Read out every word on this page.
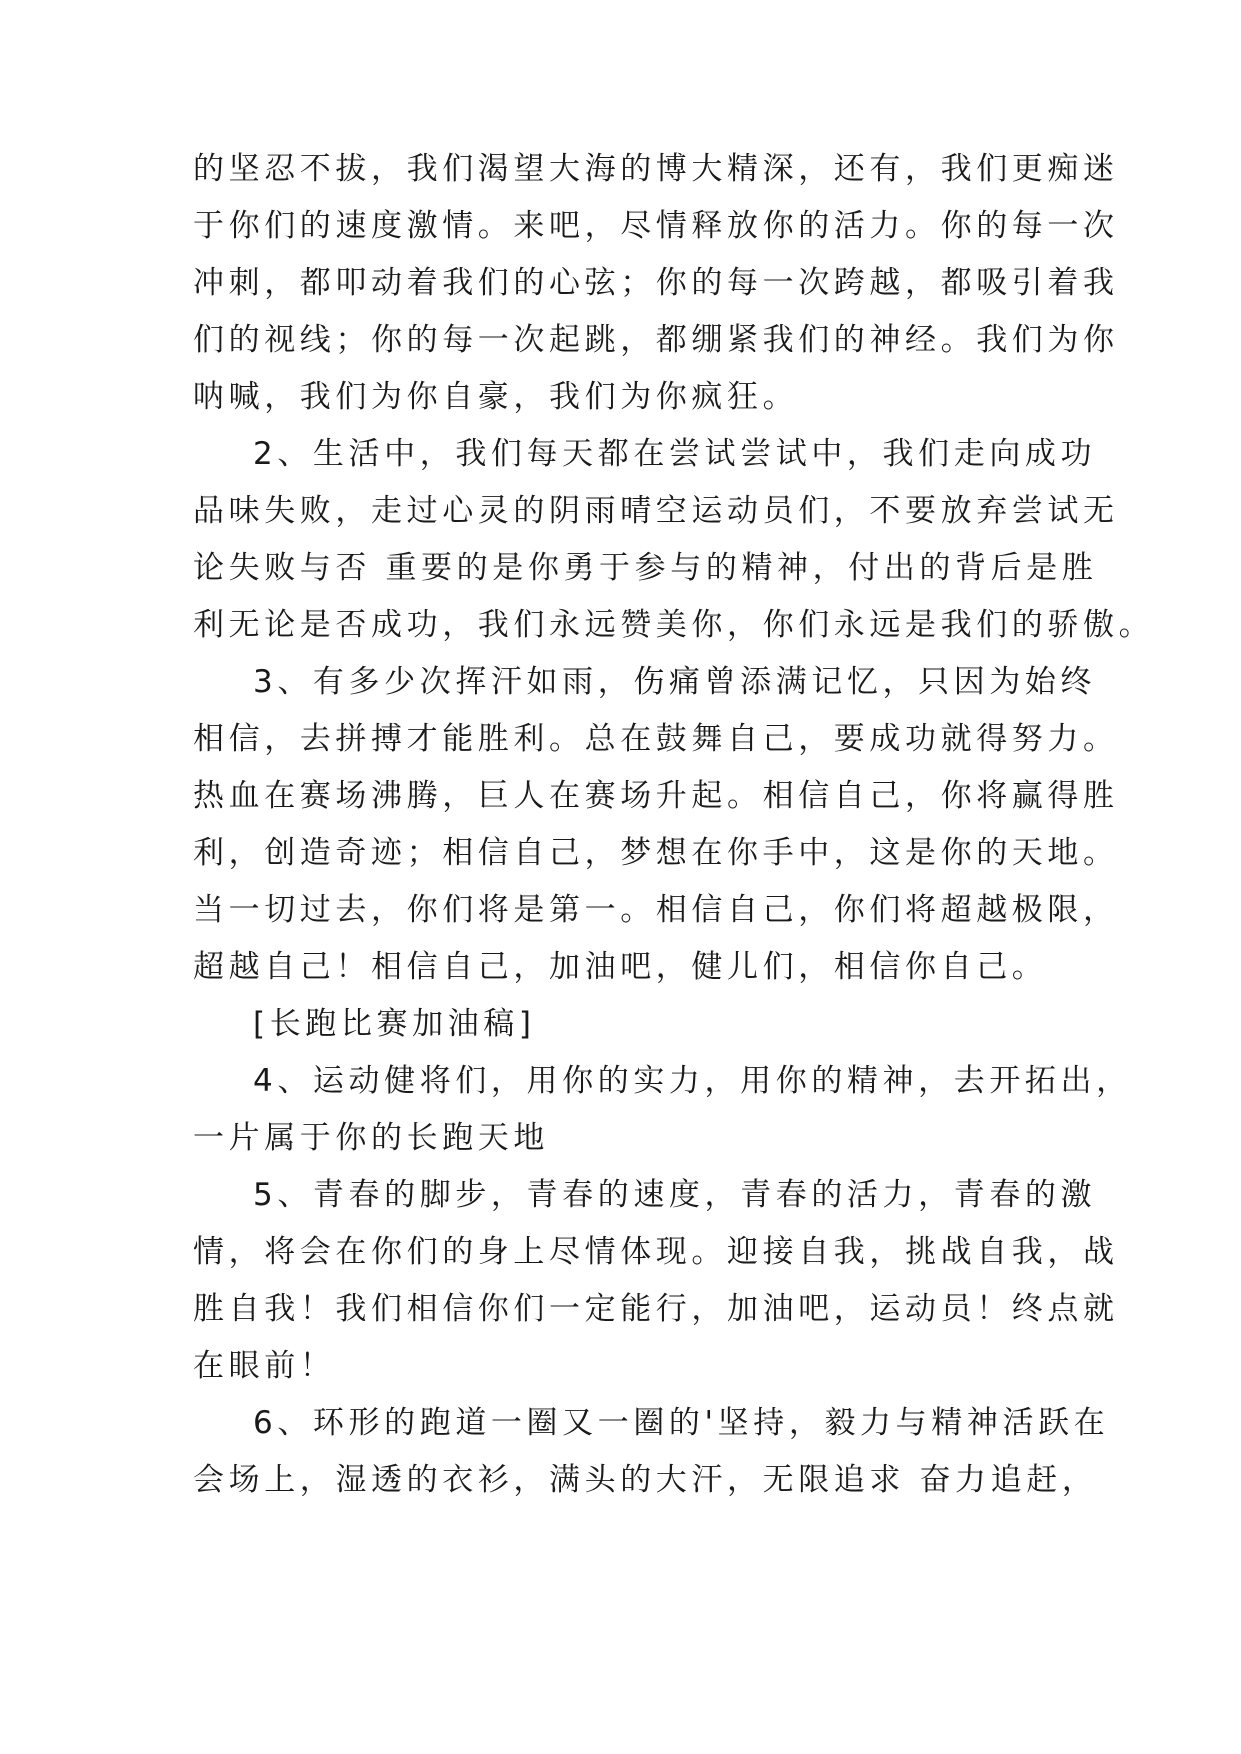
的坚忍不拔，我们渴望大海的博大精深，还有，我们更痴迷

于你们的速度激情。来吧，尽情释放你的活力。你的每一次

冲刺，都叩动着我们的心弦；你的每一次跨越，都吸引着我

们的视线；你的每一次起跳，都绷紧我们的神经。我们为你

呐喊，我们为你自豪，我们为你疯狂。

2、生活中，我们每天都在尝试尝试中，我们走向成功

品味失败，走过心灵的阴雨晴空运动员们，不要放弃尝试无

论失败与否 重要的是你勇于参与的精神，付出的背后是胜

利无论是否成功，我们永远赞美你，你们永远是我们的骄傲。

3、有多少次挥汗如雨，伤痛曾添满记忆，只因为始终

相信，去拼搏才能胜利。总在鼓舞自己，要成功就得努力。

热血在赛场沸腾，巨人在赛场升起。相信自己，你将赢得胜

利，创造奇迹；相信自己，梦想在你手中，这是你的天地。

当一切过去，你们将是第一。相信自己，你们将超越极限，

超越自己！相信自己，加油吧，健儿们，相信你自己。

[长跑比赛加油稿]

4、运动健将们，用你的实力，用你的精神，去开拓出，

一片属于你的长跑天地

5、青春的脚步，青春的速度，青春的活力，青春的激

情，将会在你们的身上尽情体现。迎接自我，挑战自我，战

胜自我！我们相信你们一定能行，加油吧，运动员！终点就

在眼前！

6、环形的跑道一圈又一圈的'坚持，毅力与精神活跃在

会场上，湿透的衣衫，满头的大汗，无限追求 奋力追赶，
